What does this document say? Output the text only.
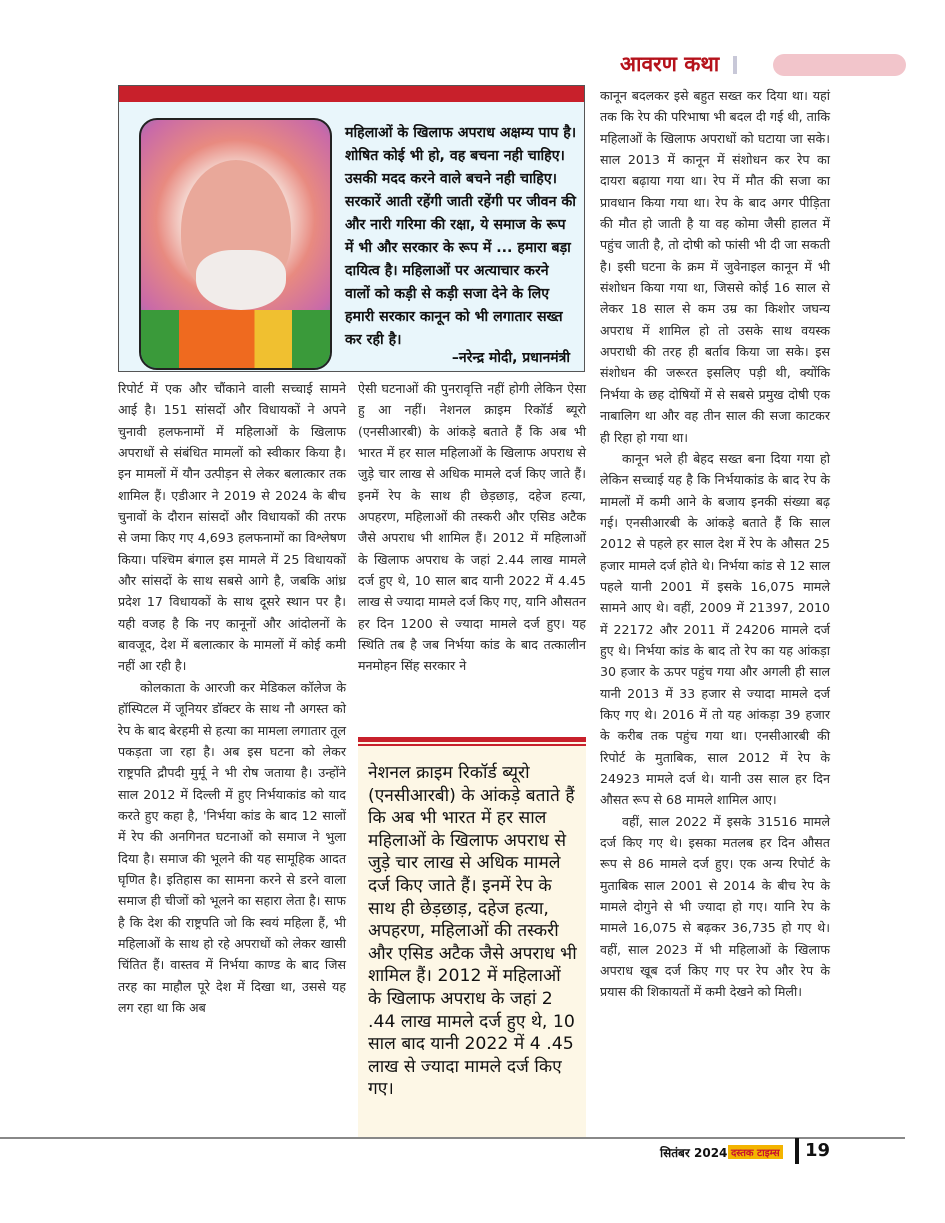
आवरण कथा
महिलाओं के खिलाफ अपराध अक्षम्य पाप है। शोषित कोई भी हो, वह बचना नही चाहिए। उसकी मदद करने वाले बचने नही चाहिए। सरकारें आती रहेंगी जाती रहेंगी पर जीवन की और नारी गरिमा की रक्षा, ये समाज के रूप में भी और सरकार के रूप में ... हमारा बड़ा दायित्व है। महिलाओं पर अत्याचार करने वालों को कड़ी से कड़ी सजा देने के लिए हमारी सरकार कानून को भी लगातार सख्त कर रही है।
–नरेन्द्र मोदी, प्रधानमंत्री

रिपोर्ट में एक और चौंकाने वाली सच्चाई सामने आई है। 151 सांसदों और विधायकों ने अपने चुनावी हलफनामों में महिलाओं के खिलाफ अपराधों से संबंधित मामलों को स्वीकार किया है। इन मामलों में यौन उत्पीड़न से लेकर बलात्कार तक शामिल हैं। एडीआर ने 2019 से 2024 के बीच चुनावों के दौरान सांसदों और विधायकों की तरफ से जमा किए गए 4,693 हलफनामों का विश्लेषण किया। पश्चिम बंगाल इस मामले में 25 विधायकों और सांसदों के साथ सबसे आगे है, जबकि आंध्र प्रदेश 17 विधायकों के साथ दूसरे स्थान पर है। यही वजह है कि नए कानूनों और आंदोलनों के बावजूद, देश में बलात्कार के मामलों में कोई कमी नहीं आ रही है।

कोलकाता के आरजी कर मेडिकल कॉलेज के हॉस्पिटल में जूनियर डॉक्टर के साथ नौ अगस्त को रेप के बाद बेरहमी से हत्या का मामला लगातार तूल पकड़ता जा रहा है। अब इस घटना को लेकर राष्ट्रपति द्रौपदी मुर्मू ने भी रोष जताया है। उन्होंने साल 2012 में दिल्ली में हुए निर्भयाकांड को याद करते हुए कहा है, 'निर्भया कांड के बाद 12 सालों में रेप की अनगिनत घटनाओं को समाज ने भुला दिया है। समाज की भूलने की यह सामूहिक आदत घृणित है। इतिहास का सामना करने से डरने वाला समाज ही चीजों को भूलने का सहारा लेता है। साफ है कि देश की राष्ट्रपति जो कि स्वयं महिला हैं, भी महिलाओं के साथ हो रहे अपराधों को लेकर खासी चिंतित हैं। वास्तव में निर्भया काण्ड के बाद जिस तरह का माहौल पूरे देश में दिखा था, उससे यह लग रहा था कि अब

ऐसी घटनाओं की पुनरावृत्ति नहीं होगी लेकिन ऐसा हु आ नहीं। नेशनल क्राइम रिकॉर्ड ब्यूरो (एनसीआरबी) के आंकड़े बताते हैं कि अब भी भारत में हर साल महिलाओं के खिलाफ अपराध से जुड़े चार लाख से अधिक मामले दर्ज किए जाते हैं। इनमें रेप के साथ ही छेड़छाड़, दहेज हत्या, अपहरण, महिलाओं की तस्करी और एसिड अटैक जैसे अपराध भी शामिल हैं। 2012 में महिलाओं के खिलाफ अपराध के जहां 2.44 लाख मामले दर्ज हुए थे, 10 साल बाद यानी 2022 में 4.45 लाख से ज्यादा मामले दर्ज किए गए, यानि औसतन हर दिन 1200 से ज्यादा मामले दर्ज हुए। यह स्थिति तब है जब निर्भया कांड के बाद तत्कालीन मनमोहन सिंह सरकार ने

नेशनल क्राइम रिकॉर्ड ब्यूरो (एनसीआरबी) के आंकड़े बताते हैं कि अब भी भारत में हर साल महिलाओं के खिलाफ अपराध से जुड़े चार लाख से अधिक मामले दर्ज किए जाते हैं। इनमें रेप के साथ ही छेड़छाड़, दहेज हत्या, अपहरण, महिलाओं की तस्करी और एसिड अटैक जैसे अपराध भी शामिल हैं। 2012 में महिलाओं के खिलाफ अपराध के जहां 2 .44 लाख मामले दर्ज हुए थे, 10 साल बाद यानी 2022 में 4 .45 लाख से ज्यादा मामले दर्ज किए गए।

कानून बदलकर इसे बहुत सख्त कर दिया था। यहां तक कि रेप की परिभाषा भी बदल दी गई थी, ताकि महिलाओं के खिलाफ अपराधों को घटाया जा सके। साल 2013 में कानून में संशोधन कर रेप का दायरा बढ़ाया गया था। रेप में मौत की सजा का प्रावधान किया गया था। रेप के बाद अगर पीड़िता की मौत हो जाती है या वह कोमा जैसी हालत में पहुंच जाती है, तो दोषी को फांसी भी दी जा सकती है। इसी घटना के क्रम में जुवेनाइल कानून में भी संशोधन किया गया था, जिससे कोई 16 साल से लेकर 18 साल से कम उम्र का किशोर जघन्य अपराध में शामिल हो तो उसके साथ वयस्क अपराधी की तरह ही बर्ताव किया जा सके। इस संशोधन की जरूरत इसलिए पड़ी थी, क्योंकि निर्भया के छह दोषियों में से सबसे प्रमुख दोषी एक नाबालिग था और वह तीन साल की सजा काटकर ही रिहा हो गया था।

कानून भले ही बेहद सख्त बना दिया गया हो लेकिन सच्चाई यह है कि निर्भयाकांड के बाद रेप के मामलों में कमी आने के बजाय इनकी संख्या बढ़ गई। एनसीआरबी के आंकड़े बताते हैं कि साल 2012 से पहले हर साल देश में रेप के औसत 25 हजार मामले दर्ज होते थे। निर्भया कांड से 12 साल पहले यानी 2001 में इसके 16,075 मामले सामने आए थे। वहीं, 2009 में 21397, 2010 में 22172 और 2011 में 24206 मामले दर्ज हुए थे। निर्भया कांड के बाद तो रेप का यह आंकड़ा 30 हजार के ऊपर पहुंच गया और अगली ही साल यानी 2013 में 33 हजार से ज्यादा मामले दर्ज किए गए थे। 2016 में तो यह आंकड़ा 39 हजार के करीब तक पहुंच गया था। एनसीआरबी की रिपोर्ट के मुताबिक, साल 2012 में रेप के 24923 मामले दर्ज थे। यानी उस साल हर दिन औसत रूप से 68 मामले शामिल आए।

वहीं, साल 2022 में इसके 31516 मामले दर्ज किए गए थे। इसका मतलब हर दिन औसत रूप से 86 मामले दर्ज हुए। एक अन्य रिपोर्ट के मुताबिक साल 2001 से 2014 के बीच रेप के मामले दोगुने से भी ज्यादा हो गए। यानि रेप के मामले 16,075 से बढ़कर 36,735 हो गए थे। वहीं, साल 2023 में भी महिलाओं के खिलाफ अपराध खूब दर्ज किए गए पर रेप और रेप के प्रयास की शिकायतों में कमी देखने को मिली।

सितंबर 2024 दस्तक टाइम्स 19
